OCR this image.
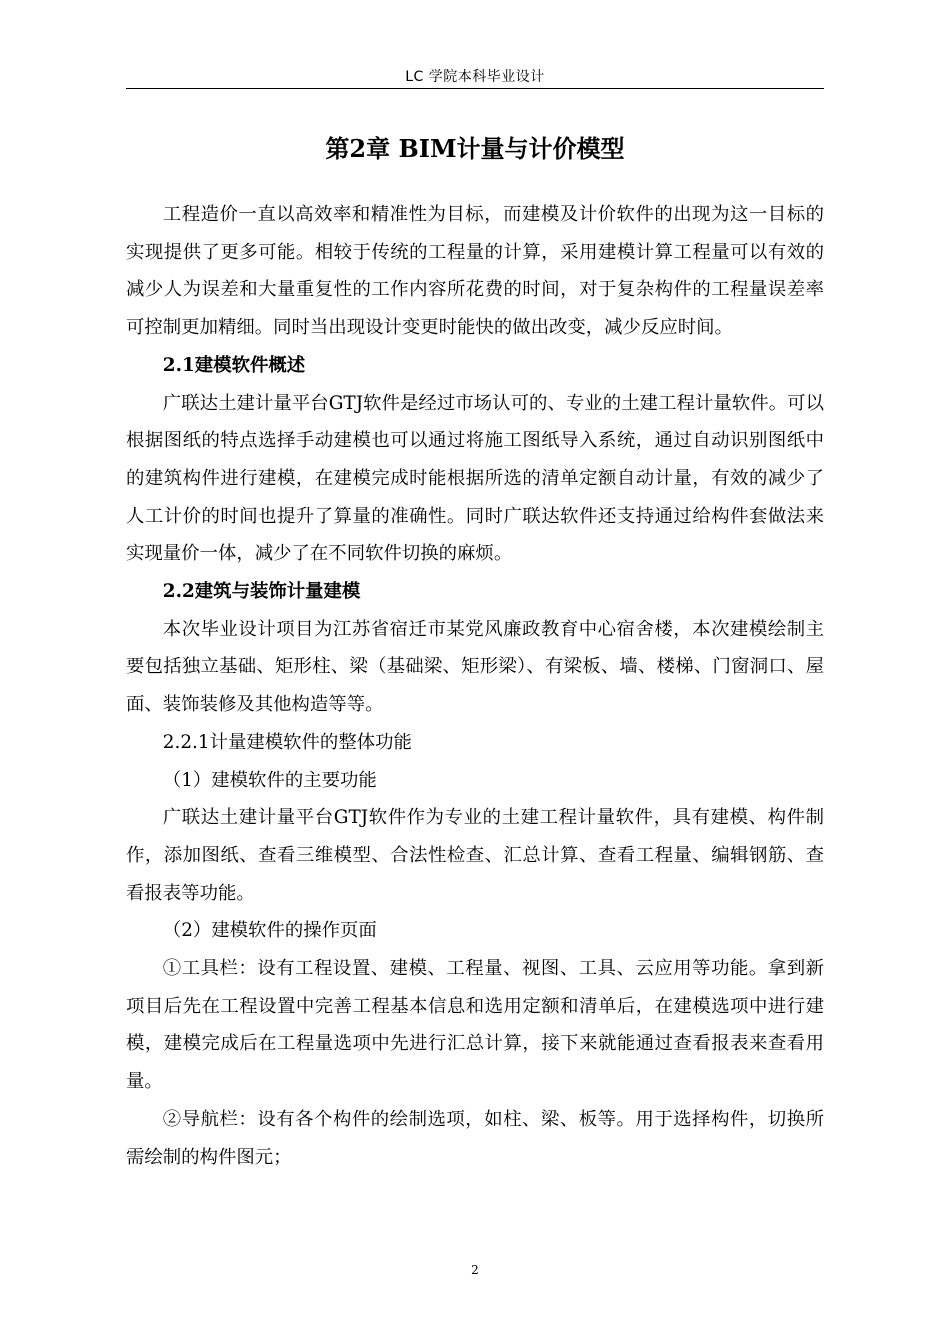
LC 学院本科毕业设计
第2章 BIM计量与计价模型

工程造价一直以高效率和精准性为目标，而建模及计价软件的出现为这一目标的实现提供了更多可能。相较于传统的工程量的计算，采用建模计算工程量可以有效的减少人为误差和大量重复性的工作内容所花费的时间，对于复杂构件的工程量误差率可控制更加精细。同时当出现设计变更时能快的做出改变，减少反应时间。

2.1建模软件概述

广联达土建计量平台GTJ软件是经过市场认可的、专业的土建工程计量软件。可以根据图纸的特点选择手动建模也可以通过将施工图纸导入系统，通过自动识别图纸中的建筑构件进行建模，在建模完成时能根据所选的清单定额自动计量，有效的减少了人工计价的时间也提升了算量的准确性。同时广联达软件还支持通过给构件套做法来实现量价一体，减少了在不同软件切换的麻烦。

2.2建筑与装饰计量建模

本次毕业设计项目为江苏省宿迁市某党风廉政教育中心宿舍楼，本次建模绘制主要包括独立基础、矩形柱、梁（基础梁、矩形梁）、有梁板、墙、楼梯、门窗洞口、屋面、装饰装修及其他构造等等。

2.2.1计量建模软件的整体功能

（1）建模软件的主要功能

广联达土建计量平台GTJ软件作为专业的土建工程计量软件，具有建模、构件制作，添加图纸、查看三维模型、合法性检查、汇总计算、查看工程量、编辑钢筋、查看报表等功能。

（2）建模软件的操作页面

①工具栏：设有工程设置、建模、工程量、视图、工具、云应用等功能。拿到新项目后先在工程设置中完善工程基本信息和选用定额和清单后，在建模选项中进行建模，建模完成后在工程量选项中先进行汇总计算，接下来就能通过查看报表来查看用量。

②导航栏：设有各个构件的绘制选项，如柱、梁、板等。用于选择构件，切换所需绘制的构件图元；

2
